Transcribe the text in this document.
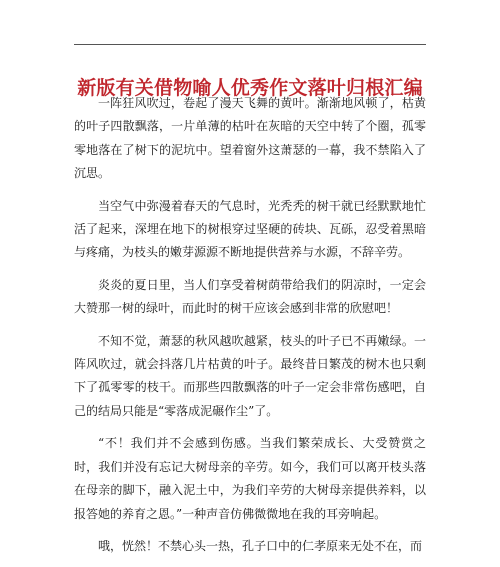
新版有关借物喻人优秀作文落叶归根汇编

一阵狂风吹过，卷起了漫天飞舞的黄叶。渐渐地风顿了，枯黄的叶子四散飘落，一片单薄的枯叶在灰暗的天空中转了个圈，孤零零地落在了树下的泥坑中。望着窗外这萧瑟的一幕，我不禁陷入了沉思。

当空气中弥漫着春天的气息时，光秃秃的树干就已经默默地忙活了起来，深埋在地下的树根穿过坚硬的砖块、瓦砾，忍受着黑暗与疼痛，为枝头的嫩芽源源不断地提供营养与水源，不辞辛劳。

炎炎的夏日里，当人们享受着树荫带给我们的阴凉时，一定会大赞那一树的绿叶，而此时的树干应该会感到非常的欣慰吧！

不知不觉，萧瑟的秋风越吹越紧，枝头的叶子已不再嫩绿。一阵风吹过，就会抖落几片枯黄的叶子。最终昔日繁茂的树木也只剩下了孤零零的枝干。而那些四散飘落的叶子一定会非常伤感吧，自己的结局只能是“零落成泥碾作尘”了。

“不！我们并不会感到伤感。当我们繁荣成长、大受赞赏之时，我们并没有忘记大树母亲的辛劳。如今，我们可以离开枝头落在母亲的脚下，融入泥土中，为我们辛劳的大树母亲提供养料，以报答她的养育之恩。”一种声音仿佛微微地在我的耳旁响起。

哦，恍然！不禁心头一热，孔子口中的仁孝原来无处不在，而
